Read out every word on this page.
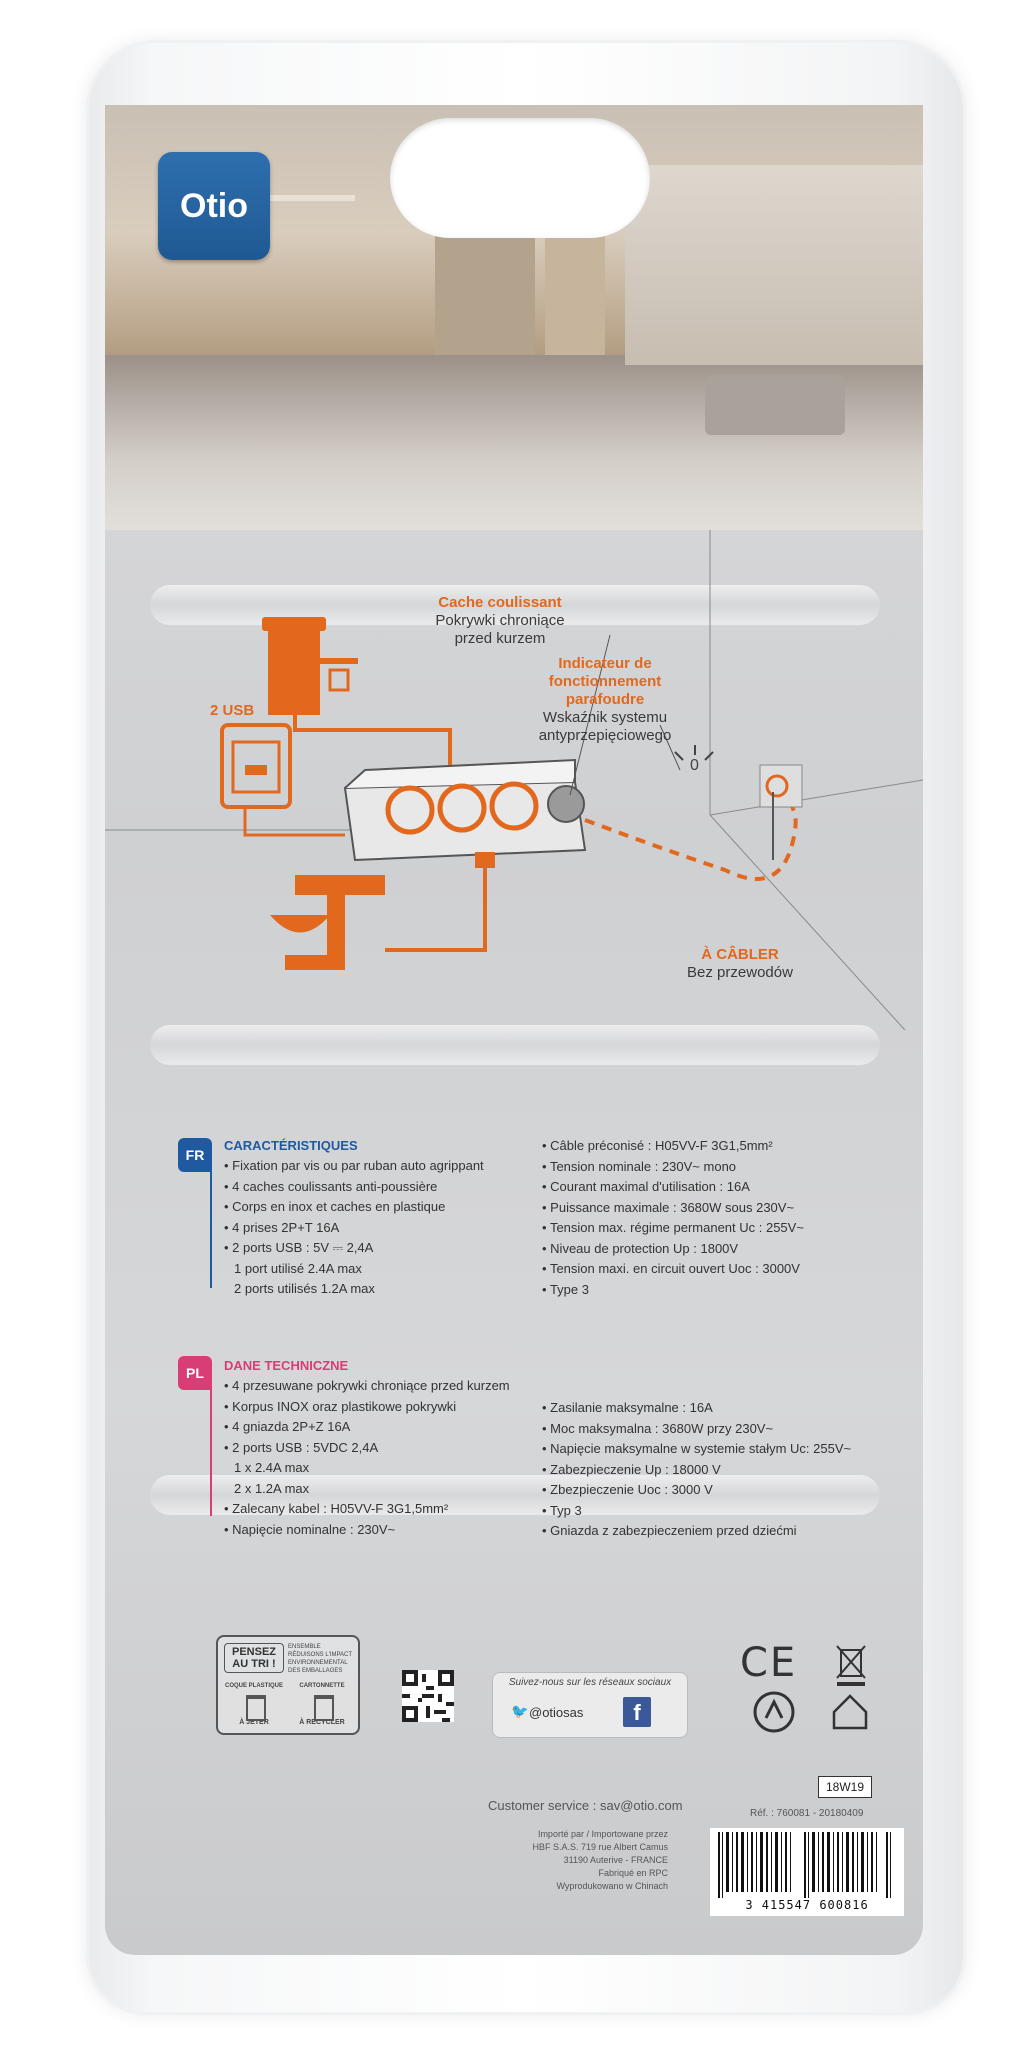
Otio
0
Cache coulissant
Pokrywki chroniące
przed kurzem
Indicateur de
fonctionnement
parafoudre
Wskaźnik systemu
antyprzepięciowego
2 USB
À CÂBLER
Bez przewodów
FR
CARACTÉRISTIQUES
• Fixation par vis ou par ruban auto agrippant
• 4 caches coulissants anti-poussière
• Corps en inox et caches en plastique
• 4 prises 2P+T 16A
• 2 ports USB : 5V ⎓ 2,4A
1 port utilisé 2.4A max
2 ports utilisés 1.2A max
• Câble préconisé : H05VV-F 3G1,5mm²
• Tension nominale : 230V~ mono
• Courant maximal d'utilisation : 16A
• Puissance maximale : 3680W sous 230V~
• Tension max. régime permanent Uc : 255V~
• Niveau de protection Up : 1800V
• Tension maxi. en circuit ouvert Uoc : 3000V
• Type 3
PL DANE TECHNICZNE
• 4 przesuwane pokrywki chroniące przed kurzem
• Korpus INOX oraz plastikowe pokrywki
• 4 gniazda 2P+Z 16A
• 2 ports USB : 5VDC 2,4A
1 x 2.4A max
2 x 1.2A max
• Zalecany kabel : H05VV-F 3G1,5mm²
• Napięcie nominalne : 230V~
• Zasilanie maksymalne : 16A
• Moc maksymalna : 3680W przy 230V~
• Napięcie maksymalne w systemie stałym Uc: 255V~
• Zabezpieczenie Up : 18000 V
• Zbezpieczenie Uoc : 3000 V
• Typ 3
• Gniazda z zabezpieczeniem przed dziećmi
PENSEZ
AU TRI !
ENSEMBLE RÉDUISONS L'IMPACT ENVIRONNEMENTAL DES EMBALLAGES
COQUE PLASTIQUE
À JETER
CARTONNETTE
À RECYCLER
Suivez-nous sur les réseaux sociaux
🐦 @otiosas	f
CE
18W19
Customer service : sav@otio.com
Réf. : 760081 - 20180409
Importé par / Importowane przez
HBF S.A.S. 719 rue Albert Camus
31190 Auterive - FRANCE
Fabriqué en RPC
Wyprodukowano w Chinach
3 415547 600816
